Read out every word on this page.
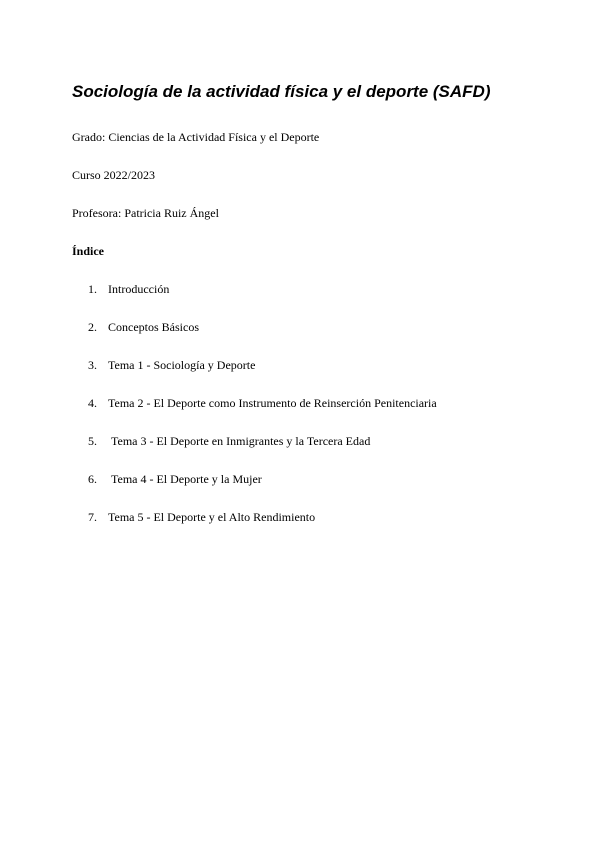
Sociología de la actividad física y el deporte (SAFD)

Grado: Ciencias de la Actividad Física y el Deporte

Curso 2022/2023

Profesora: Patricia Ruiz Ángel

Índice

1. Introducción
2. Conceptos Básicos
3. Tema 1 - Sociología y Deporte
4. Tema 2 - El Deporte como Instrumento de Reinserción Penitenciaria
5. Tema 3 - El Deporte en Inmigrantes y la Tercera Edad
6. Tema 4 - El Deporte y la Mujer
7. Tema 5 - El Deporte y el Alto Rendimiento
